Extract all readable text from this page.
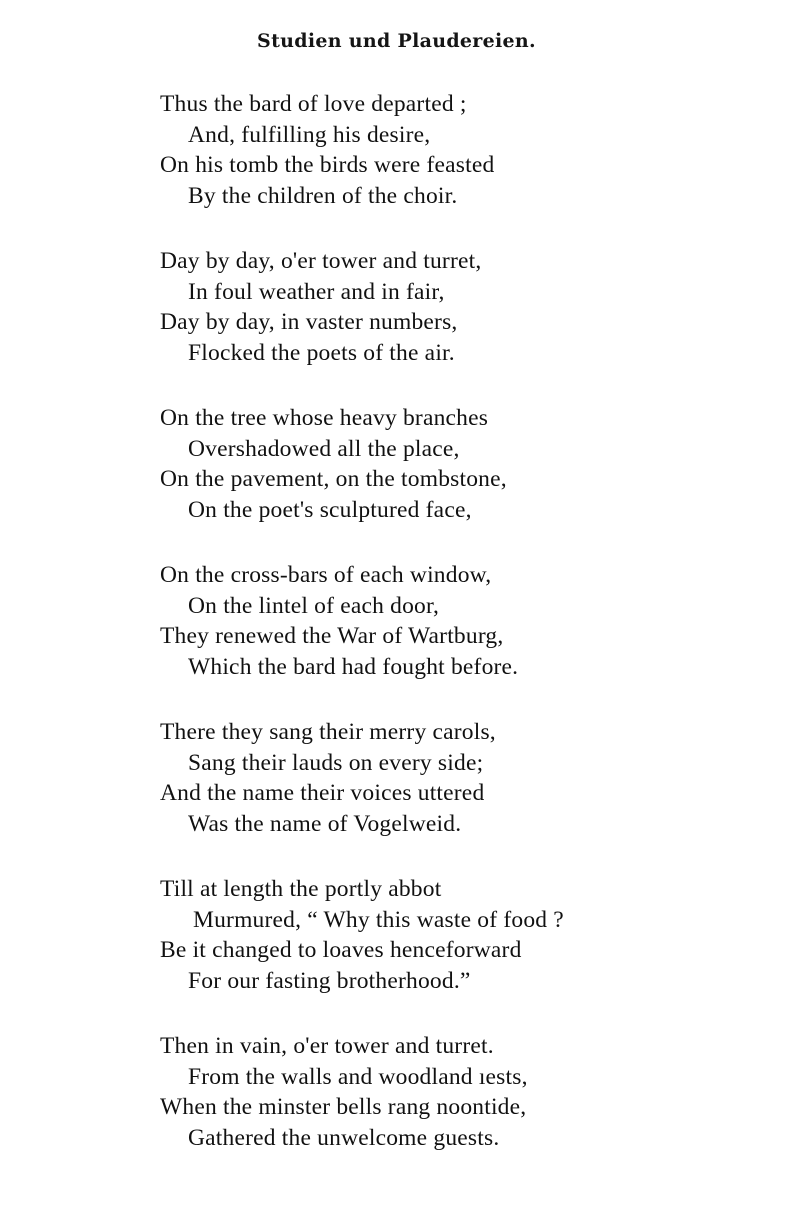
Studien und Plaudereien.
Thus the bard of love departed ;
And, fulfilling his desire,
On his tomb the birds were feasted
By the children of the choir.
Day by day, o'er tower and turret,
In foul weather and in fair,
Day by day, in vaster numbers,
Flocked the poets of the air.
On the tree whose heavy branches
Overshadowed all the place,
On the pavement, on the tombstone,
On the poet's sculptured face,
On the cross-bars of each window,
On the lintel of each door,
They renewed the War of Wartburg,
Which the bard had fought before.
There they sang their merry carols,
Sang their lauds on every side;
And the name their voices uttered
Was the name of Vogelweid.
Till at length the portly abbot
Murmured, “ Why this waste of food ?
Be it changed to loaves henceforward
For our fasting brotherhood.”
Then in vain, o'er tower and turret.
From the walls and woodland ıests,
When the minster bells rang noontide,
Gathered the unwelcome guests.
